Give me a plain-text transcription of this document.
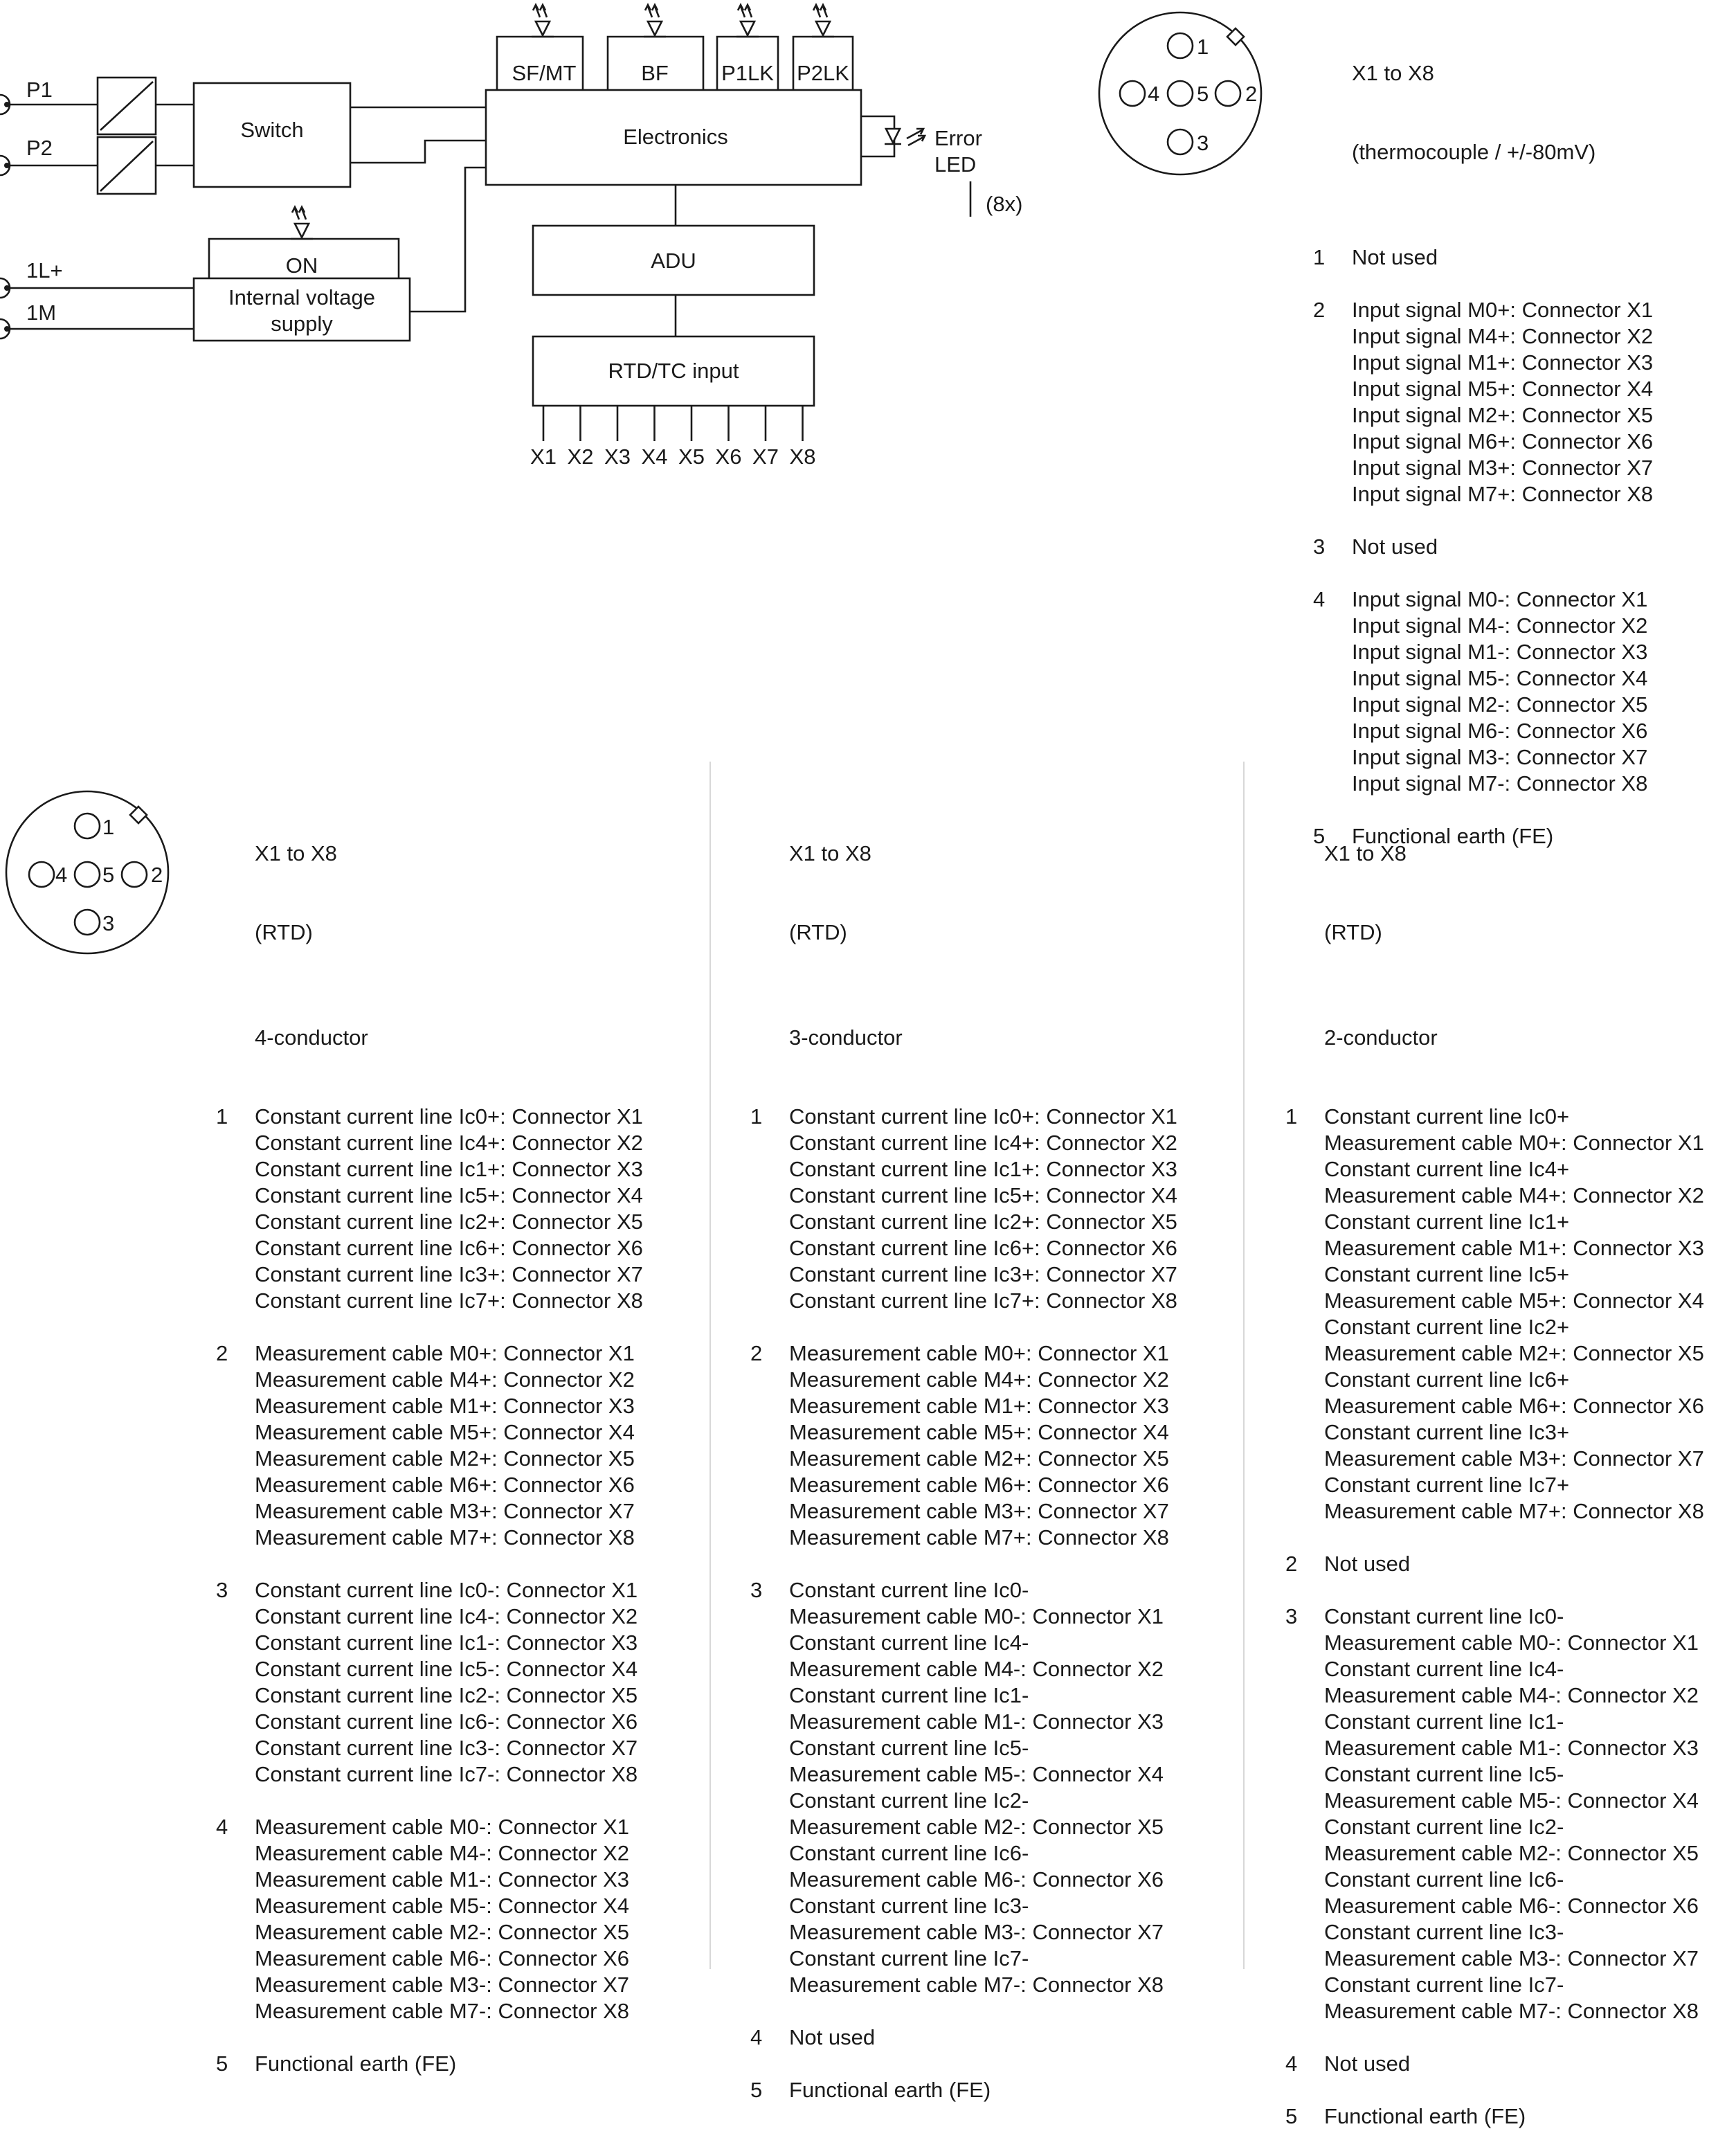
P1
P2
1L+
1M
Switch	Electronics
SF/MT	BF P1LK P2LK
Error
LED
(8x)
ON
Internal voltage
supply
ADU
RTD/TC input
X1 X2 X3 X4 X5 X6 X7 X8
1
2
3
4 5
1
2
3
4 5

X1 to X8

(thermocouple / +/-80mV)

1 Not used
2 Input signal M0+: Connector X1
Input signal M4+: Connector X2
Input signal M1+: Connector X3
Input signal M5+: Connector X4
Input signal M2+: Connector X5
Input signal M6+: Connector X6
Input signal M3+: Connector X7
Input signal M7+: Connector X8
3 Not used
4 Input signal M0-: Connector X1
Input signal M4-: Connector X2
Input signal M1-: Connector X3
Input signal M5-: Connector X4
Input signal M2-: Connector X5
Input signal M6-: Connector X6
Input signal M3-: Connector X7
Input signal M7-: Connector X8
5 Functional earth (FE)

X1 to X8

(RTD)

4-conductor

1 Constant current line Ic0+: Connector X1
Constant current line Ic4+: Connector X2
Constant current line Ic1+: Connector X3
Constant current line Ic5+: Connector X4
Constant current line Ic2+: Connector X5
Constant current line Ic6+: Connector X6
Constant current line Ic3+: Connector X7
Constant current line Ic7+: Connector X8
2 Measurement cable M0+: Connector X1
Measurement cable M4+: Connector X2
Measurement cable M1+: Connector X3
Measurement cable M5+: Connector X4
Measurement cable M2+: Connector X5
Measurement cable M6+: Connector X6
Measurement cable M3+: Connector X7
Measurement cable M7+: Connector X8
3 Constant current line Ic0-: Connector X1
Constant current line Ic4-: Connector X2
Constant current line Ic1-: Connector X3
Constant current line Ic5-: Connector X4
Constant current line Ic2-: Connector X5
Constant current line Ic6-: Connector X6
Constant current line Ic3-: Connector X7
Constant current line Ic7-: Connector X8
4 Measurement cable M0-: Connector X1
Measurement cable M4-: Connector X2
Measurement cable M1-: Connector X3
Measurement cable M5-: Connector X4
Measurement cable M2-: Connector X5
Measurement cable M6-: Connector X6
Measurement cable M3-: Connector X7
Measurement cable M7-: Connector X8
5 Functional earth (FE)

X1 to X8

(RTD)

3-conductor

1 Constant current line Ic0+: Connector X1
Constant current line Ic4+: Connector X2
Constant current line Ic1+: Connector X3
Constant current line Ic5+: Connector X4
Constant current line Ic2+: Connector X5
Constant current line Ic6+: Connector X6
Constant current line Ic3+: Connector X7
Constant current line Ic7+: Connector X8
2 Measurement cable M0+: Connector X1
Measurement cable M4+: Connector X2
Measurement cable M1+: Connector X3
Measurement cable M5+: Connector X4
Measurement cable M2+: Connector X5
Measurement cable M6+: Connector X6
Measurement cable M3+: Connector X7
Measurement cable M7+: Connector X8
3 Constant current line Ic0-
Measurement cable M0-: Connector X1
Constant current line Ic4-
Measurement cable M4-: Connector X2
Constant current line Ic1-
Measurement cable M1-: Connector X3
Constant current line Ic5-
Measurement cable M5-: Connector X4
Constant current line Ic2-
Measurement cable M2-: Connector X5
Constant current line Ic6-
Measurement cable M6-: Connector X6
Constant current line Ic3-
Measurement cable M3-: Connector X7
Constant current line Ic7-
Measurement cable M7-: Connector X8
4 Not used
5 Functional earth (FE)

X1 to X8

(RTD)

2-conductor

1 Constant current line Ic0+
Measurement cable M0+: Connector X1
Constant current line Ic4+
Measurement cable M4+: Connector X2
Constant current line Ic1+
Measurement cable M1+: Connector X3
Constant current line Ic5+
Measurement cable M5+: Connector X4
Constant current line Ic2+
Measurement cable M2+: Connector X5
Constant current line Ic6+
Measurement cable M6+: Connector X6
Constant current line Ic3+
Measurement cable M3+: Connector X7
Constant current line Ic7+
Measurement cable M7+: Connector X8
2 Not used
3 Constant current line Ic0-
Measurement cable M0-: Connector X1
Constant current line Ic4-
Measurement cable M4-: Connector X2
Constant current line Ic1-
Measurement cable M1-: Connector X3
Constant current line Ic5-
Measurement cable M5-: Connector X4
Constant current line Ic2-
Measurement cable M2-: Connector X5
Constant current line Ic6-
Measurement cable M6-: Connector X6
Constant current line Ic3-
Measurement cable M3-: Connector X7
Constant current line Ic7-
Measurement cable M7-: Connector X8
4 Not used
5 Functional earth (FE)
